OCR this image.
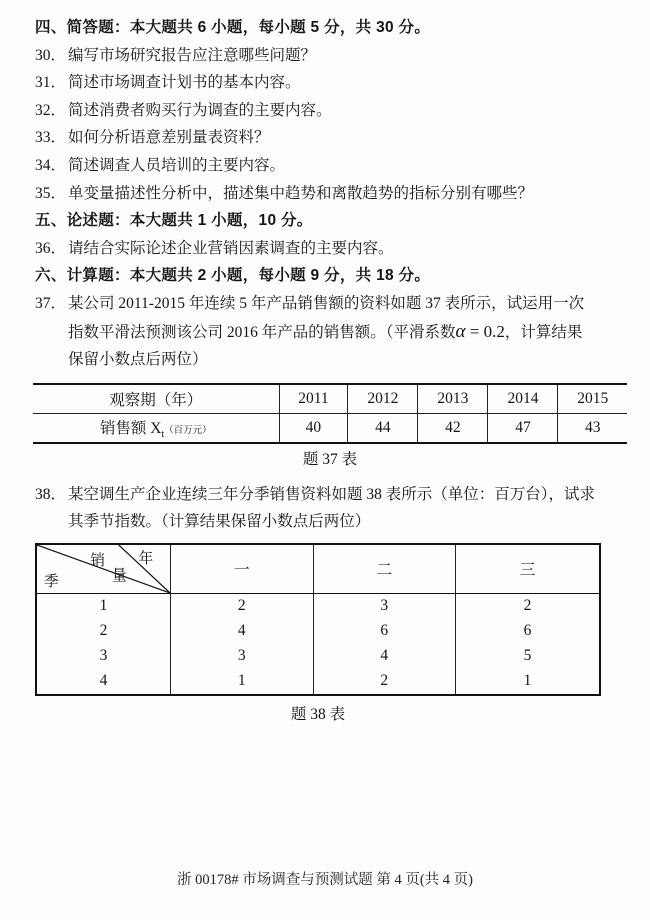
四、简答题：本大题共 6 小题，每小题 5 分，共 30 分。

30． 编写市场研究报告应注意哪些问题？

31． 简述市场调查计划书的基本内容。

32． 简述消费者购买行为调查的主要内容。

33． 如何分析语意差别量表资料？

34． 简述调查人员培训的主要内容。

35． 单变量描述性分析中，描述集中趋势和离散趋势的指标分别有哪些？

五、论述题：本大题共 1 小题，10 分。

36． 请结合实际论述企业营销因素调查的主要内容。

六、计算题：本大题共 2 小题，每小题 9 分，共 18 分。

37． 某公司 2011-2015 年连续 5 年产品销售额的资料如题 37 表所示，试运用一次指数平滑法预测该公司 2016 年产品的销售额。（平滑系数α = 0.2，计算结果保留小数点后两位）

观察期（年）	2011	2012	2013	2014	2015
销售额 $X_t$（百万元）	40	44	42	47	43

题 37 表

38． 某空调生产企业连续三年分季销售资料如题 38 表所示（单位：百万台），试求其季节指数。（计算结果保留小数点后两位）

季
销
量
年	一	二	三
1	2	3	2
2	4	6	6
3	3	4	5
4	1	2	1

题 38 表

浙 00178# 市场调查与预测试题 第 4 页(共 4 页)
